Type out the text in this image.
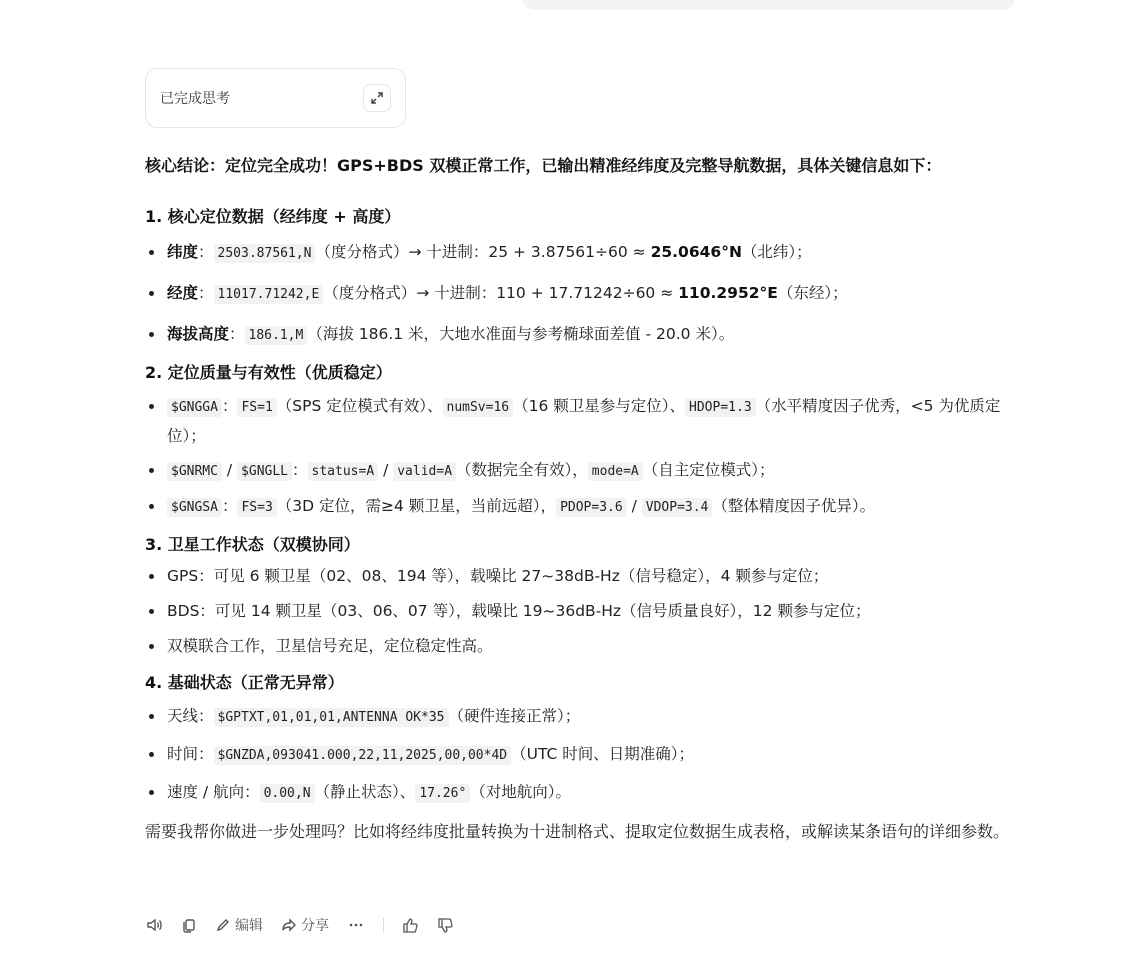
已完成思考

核心结论：定位完全成功！GPS+BDS 双模正常工作，已输出精准经纬度及完整导航数据，具体关键信息如下：

1. 核心定位数据（经纬度 + 高度）
纬度： 2503.87561,N （度分格式）→ 十进制：25 + 3.87561÷60 ≈ 25.0646°N（北纬）；
经度： 11017.71242,E （度分格式）→ 十进制：110 + 17.71242÷60 ≈ 110.2952°E（东经）；
海拔高度： 186.1,M （海拔 186.1 米，大地水准面与参考椭球面差值 - 20.0 米）。
2. 定位质量与有效性（优质稳定）
$GNGGA ： FS=1 （SPS 定位模式有效）、 numSv=16 （16 颗卫星参与定位）、 HDOP=1.3 （水平精度因子优秀，<5 为优质定位）；
$GNRMC / $GNGLL ： status=A / valid=A （数据完全有效）， mode=A （自主定位模式）；
$GNGSA ： FS=3 （3D 定位，需≥4 颗卫星，当前远超）， PDOP=3.6 / VDOP=3.4 （整体精度因子优异）。
3. 卫星工作状态（双模协同）
GPS：可见 6 颗卫星（02、08、194 等），载噪比 27~38dB-Hz（信号稳定），4 颗参与定位；
BDS：可见 14 颗卫星（03、06、07 等），载噪比 19~36dB-Hz（信号质量良好），12 颗参与定位；
双模联合工作，卫星信号充足，定位稳定性高。
4. 基础状态（正常无异常）
天线： $GPTXT,01,01,01,ANTENNA OK*35 （硬件连接正常）；
时间： $GNZDA,093041.000,22,11,2025,00,00*4D （UTC 时间、日期准确）；
速度 / 航向： 0.00,N （静止状态）、 17.26° （对地航向）。

需要我帮你做进一步处理吗？比如将经纬度批量转换为十进制格式、提取定位数据生成表格，或解读某条语句的详细参数。

编辑	分享
